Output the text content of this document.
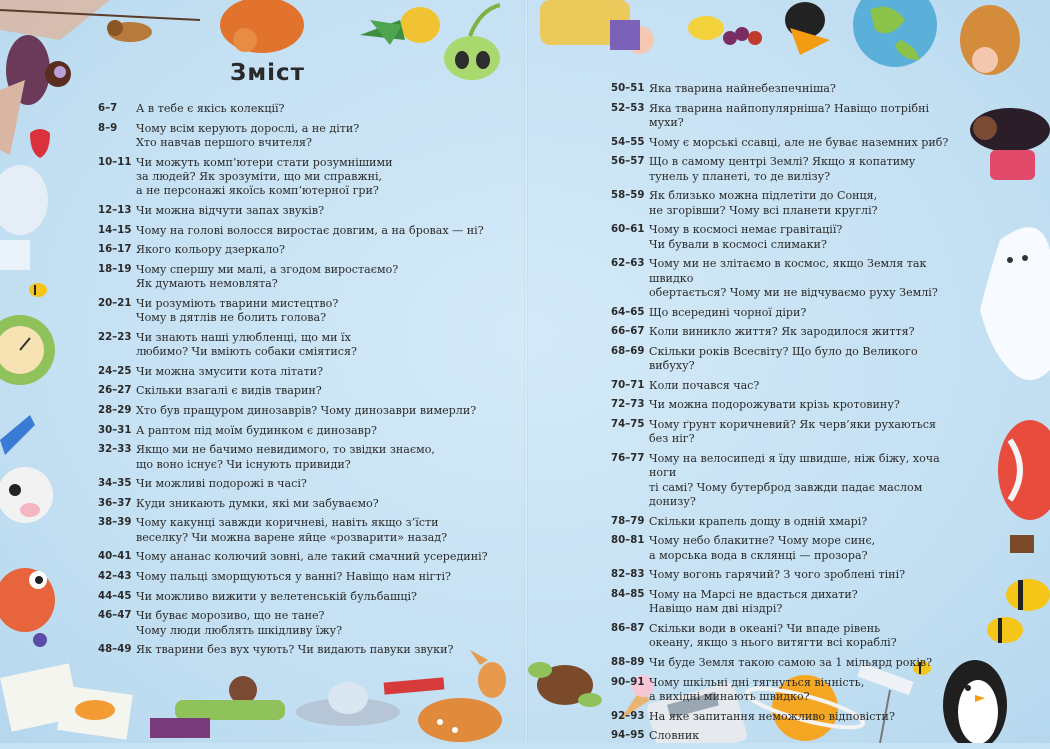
Зміст
6–7	А в тебе є якісь колекції?
8–9	Чому всім керують дорослі, а не діти?
Хто навчав першого вчителя?
10–11 Чи можуть комп’ютери стати розумнішими
за людей? Як зрозуміти, що ми справжні,
а не персонажі якоїсь комп’ютерної гри?
12–13 Чи можна відчути запах звуків?
14–15 Чому на голові волосся виростає довгим, а на бровах — ні?
16–17 Якого кольору дзеркало?
18–19 Чому спершу ми малі, а згодом виростаємо?
Як думають немовлята?
20–21 Чи розуміють тварини мистецтво?
Чому в дятлів не болить голова?
22–23 Чи знають наші улюбленці, що ми їх
любимо? Чи вміють собаки сміятися?
24–25 Чи можна змусити кота літати?
26–27 Скільки взагалі є видів тварин?
28–29 Хто був пращуром динозаврів? Чому динозаври вимерли?
30–31 А раптом під моїм будинком є динозавр?
32–33 Якщо ми не бачимо невидимого, то звідки знаємо,
що воно існує? Чи існують привиди?
34–35 Чи можливі подорожі в часі?
36–37 Куди зникають думки, які ми забуваємо?
38–39 Чому какунці завжди коричневі, навіть якщо з’їсти
веселку? Чи можна варене яйце «розварити» назад?
40–41 Чому ананас колючий зовні, але такий смачний усередині?
42–43 Чому пальці зморщуються у ванні? Навіщо нам нігті?
44–45 Чи можливо вижити у велетенській бульбашці?
46–47 Чи буває морозиво, що не тане?
Чому люди люблять шкідливу їжу?
48–49 Як тварини без вух чують? Чи видають павуки звуки?
50–51 Яка тварина найнебезпечніша?
52–53 Яка тварина найпопулярніша? Навіщо потрібні мухи?
54–55 Чому є морські ссавці, але не буває наземних риб?
56–57 Що в самому центрі Землі? Якщо я копатиму
тунель у планеті, то де вилізу?
58–59 Як близько можна підлетіти до Сонця,
не згорівши? Чому всі планети круглі?
60–61 Чому в космосі немає гравітації?
Чи бували в космосі слимаки?
62–63 Чому ми не злітаємо в космос, якщо Земля так швидко
обертається? Чому ми не відчуваємо руху Землі?
64–65 Що всередині чорної діри?
66–67 Коли виникло життя? Як зародилося життя?
68–69 Скільки років Всесвіту? Що було до Великого вибуху?
70–71 Коли почався час?
72–73 Чи можна подорожувати крізь кротовину?
74–75 Чому ґрунт коричневий? Як черв’яки рухаються без ніг?
76–77 Чому на велосипеді я їду швидше, ніж біжу, хоча ноги
ті самі? Чому бутерброд завжди падає маслом донизу?
78–79 Скільки крапель дощу в одній хмарі?
80–81 Чому небо блакитне? Чому море синє,
а морська вода в склянці — прозора?
82–83 Чому вогонь гарячий? З чого зроблені тіні?
84–85 Чому на Марсі не вдасться дихати?
Навіщо нам дві ніздрі?
86–87 Скільки води в океані? Чи впаде рівень
океану, якщо з нього витягти всі кораблі?
88–89 Чи буде Земля такою самою за 1 мільярд років?
90–91 Чому шкільні дні тягнуться вічність,
а вихідні минають швидко?
92–93 На яке запитання неможливо відповісти?
94–95 Словник
